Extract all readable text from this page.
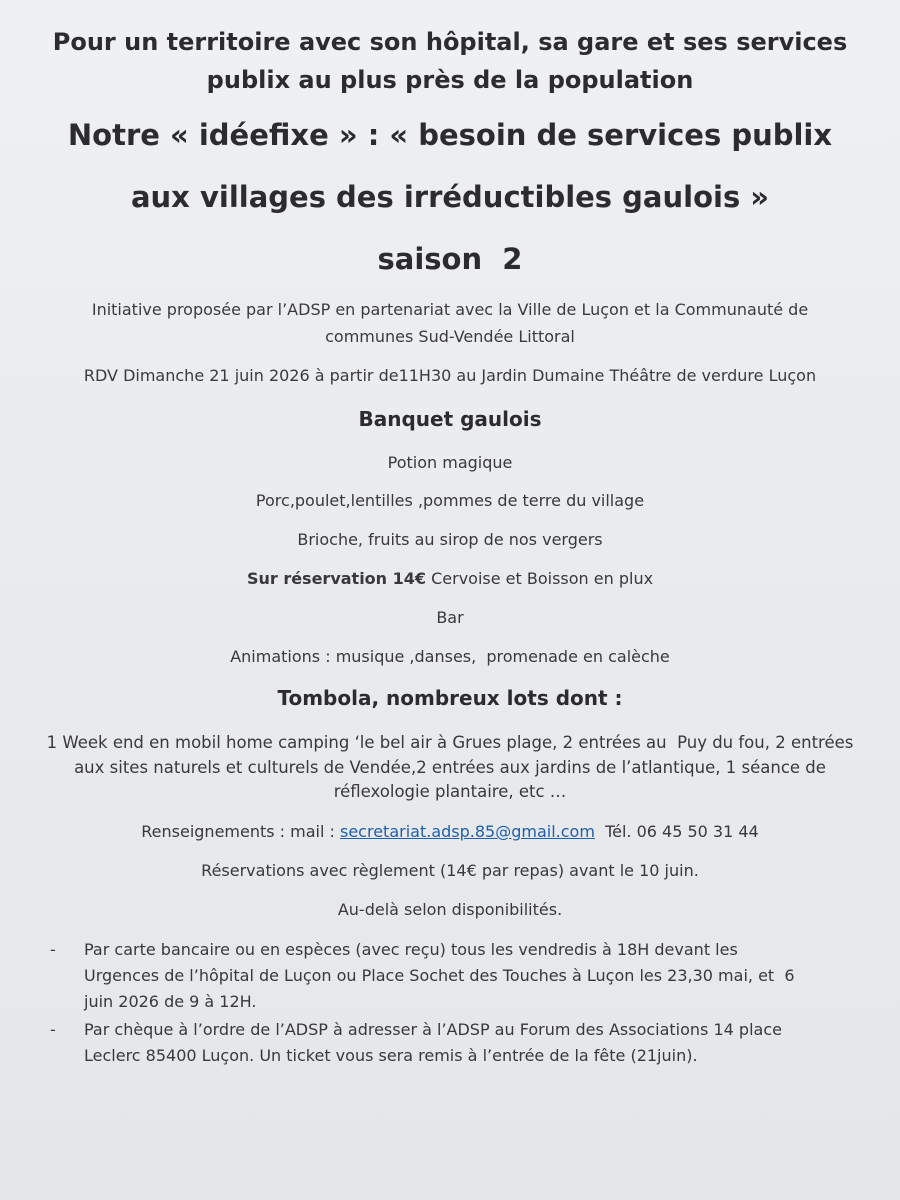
Pour un territoire avec son hôpital, sa gare et ses services
publix au plus près de la population
Notre « idéefixe » : « besoin de services publix
aux villages des irréductibles gaulois »
saison  2
Initiative proposée par l’ADSP en partenariat avec la Ville de Luçon et la Communauté de
communes Sud-Vendée Littoral
RDV Dimanche 21 juin 2026 à partir de11H30 au Jardin Dumaine Théâtre de verdure Luçon
Banquet gaulois
Potion magique
Porc,poulet,lentilles ,pommes de terre du village
Brioche, fruits au sirop de nos vergers
Sur réservation 14€ Cervoise et Boisson en plux
Bar
Animations : musique ,danses,  promenade en calèche
Tombola, nombreux lots dont :
1 Week end en mobil home camping ‘le bel air à Grues plage, 2 entrées au  Puy du fou, 2 entrées
aux sites naturels et culturels de Vendée,2 entrées aux jardins de l’atlantique, 1 séance de
réflexologie plantaire, etc …
Renseignements : mail : secretariat.adsp.85@gmail.com  Tél. 06 45 50 31 44
Réservations avec règlement (14€ par repas) avant le 10 juin.
Au-delà selon disponibilités.
- Par carte bancaire ou en espèces (avec reçu) tous les vendredis à 18H devant les
Urgences de l’hôpital de Luçon ou Place Sochet des Touches à Luçon les 23,30 mai, et  6
juin 2026 de 9 à 12H.
- Par chèque à l’ordre de l’ADSP à adresser à l’ADSP au Forum des Associations 14 place
Leclerc 85400 Luçon. Un ticket vous sera remis à l’entrée de la fête (21juin).
